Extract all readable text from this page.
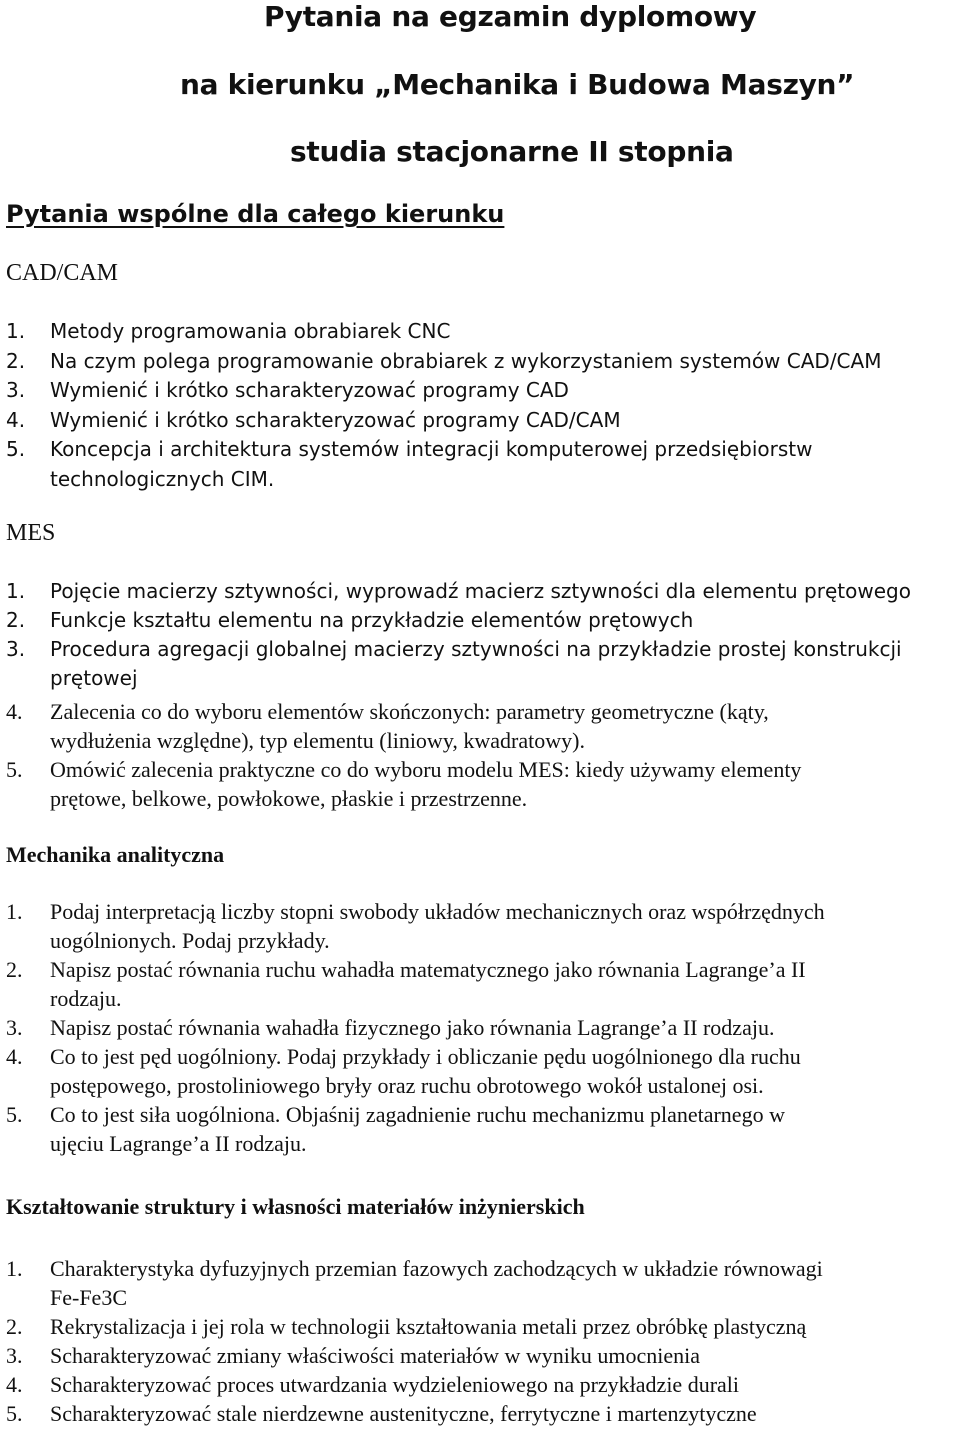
Pytania na egzamin dyplomowy
na kierunku „Mechanika i Budowa Maszyn”
studia stacjonarne II stopnia
Pytania wspólne dla całego kierunku
CAD/CAM
1.	Metody programowania obrabiarek CNC
2.	Na czym polega programowanie obrabiarek z wykorzystaniem systemów CAD/CAM
3.	Wymienić i krótko scharakteryzować programy CAD
4.	Wymienić i krótko scharakteryzować programy CAD/CAM
5.	Koncepcja i architektura systemów integracji komputerowej przedsiębiorstw
technologicznych CIM.
MES
1.	Pojęcie macierzy sztywności, wyprowadź macierz sztywności dla elementu prętowego
2.	Funkcje kształtu elementu na przykładzie elementów prętowych
3.	Procedura agregacji globalnej macierzy sztywności na przykładzie prostej konstrukcji
prętowej
4.	Zalecenia co do wyboru elementów skończonych: parametry geometryczne (kąty,
wydłużenia względne), typ elementu (liniowy, kwadratowy).
5.	Omówić zalecenia praktyczne co do wyboru modelu MES: kiedy używamy elementy
prętowe, belkowe, powłokowe, płaskie i przestrzenne.
Mechanika analityczna
1.	Podaj interpretacją liczby stopni swobody układów mechanicznych oraz współrzędnych
uogólnionych. Podaj przykłady.
2.	Napisz postać równania ruchu wahadła matematycznego jako równania Lagrange’a II
rodzaju.
3.	Napisz postać równania wahadła fizycznego jako równania Lagrange’a II rodzaju.
4.	Co to jest pęd uogólniony. Podaj przykłady i obliczanie pędu uogólnionego dla ruchu
postępowego, prostoliniowego bryły oraz ruchu obrotowego wokół ustalonej osi.
5.	Co to jest siła uogólniona. Objaśnij zagadnienie ruchu mechanizmu planetarnego w
ujęciu Lagrange’a II rodzaju.
Kształtowanie struktury i własności materiałów inżynierskich
1.	Charakterystyka dyfuzyjnych przemian fazowych zachodzących w układzie równowagi
Fe-Fe3C
2.	Rekrystalizacja i jej rola w technologii kształtowania metali przez obróbkę plastyczną
3.	Scharakteryzować zmiany właściwości materiałów w wyniku umocnienia
4.	Scharakteryzować proces utwardzania wydzieleniowego na przykładzie durali
5.	Scharakteryzować stale nierdzewne austenityczne, ferrytyczne i martenzytyczne
